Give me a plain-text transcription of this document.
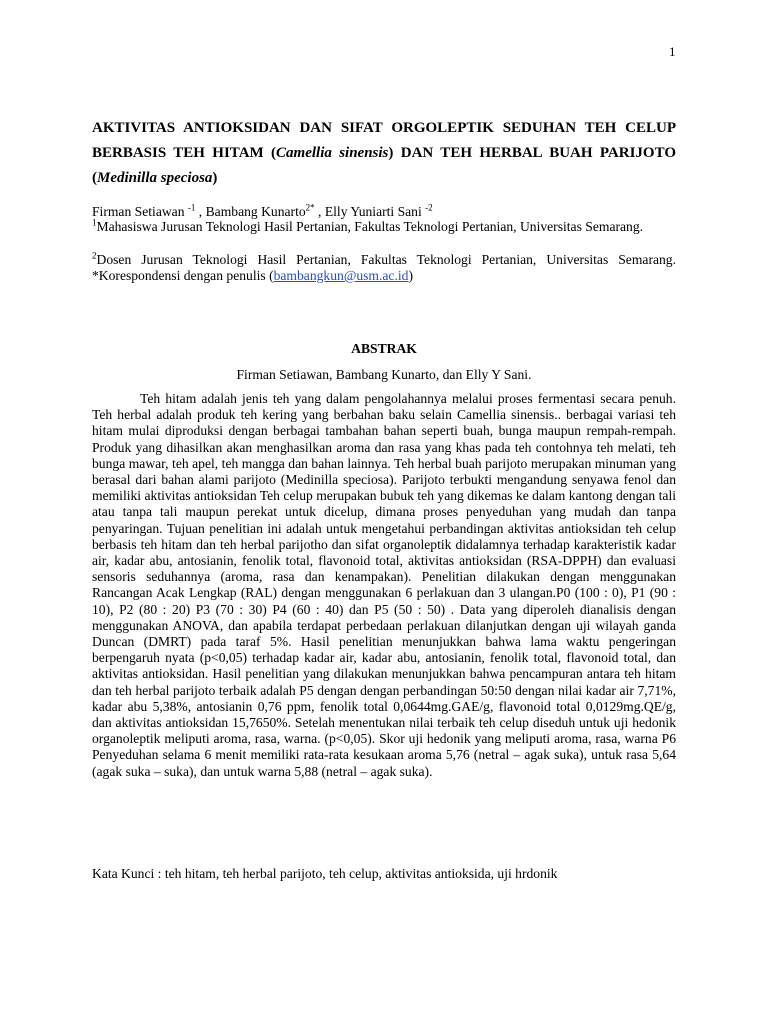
1
AKTIVITAS ANTIOKSIDAN DAN SIFAT ORGOLEPTIK SEDUHAN TEH CELUP
BERBASIS TEH HITAM (Camellia sinensis) DAN TEH HERBAL BUAH PARIJOTO
(Medinilla speciosa)
Firman Setiawan $^{-1}$ , Bambang Kunarto$^{2*}$ , Elly Yuniarti Sani $^{-2}$
$^1$Mahasiswa Jurusan Teknologi Hasil Pertanian, Fakultas Teknologi Pertanian, Universitas Semarang.
$^2$Dosen Jurusan Teknologi Hasil Pertanian, Fakultas Teknologi Pertanian, Universitas Semarang. *Korespondensi dengan penulis (bambangkun@usm.ac.id)
ABSTRAK
Firman Setiawan, Bambang Kunarto, dan Elly Y Sani.

Teh hitam adalah jenis teh yang dalam pengolahannya melalui proses fermentasi secara penuh. Teh herbal adalah produk teh kering yang berbahan baku selain Camellia sinensis.. berbagai variasi teh hitam mulai diproduksi dengan berbagai tambahan bahan seperti buah, bunga maupun rempah-rempah. Produk yang dihasilkan akan menghasilkan aroma dan rasa yang khas pada teh contohnya teh melati, teh bunga mawar, teh apel, teh mangga dan bahan lainnya. Teh herbal buah parijoto merupakan minuman yang berasal dari bahan alami parijoto (Medinilla speciosa). Parijoto terbukti mengandung senyawa fenol dan memiliki aktivitas antioksidan Teh celup merupakan bubuk teh yang dikemas ke dalam kantong dengan tali atau tanpa tali maupun perekat untuk dicelup, dimana proses penyeduhan yang mudah dan tanpa penyaringan. Tujuan penelitian ini adalah untuk mengetahui perbandingan aktivitas antioksidan teh celup berbasis teh hitam dan teh herbal parijotho dan sifat organoleptik didalamnya terhadap karakteristik kadar air, kadar abu, antosianin, fenolik total, flavonoid total, aktivitas antioksidan (RSA-DPPH) dan evaluasi sensoris seduhannya (aroma, rasa dan kenampakan). Penelitian dilakukan dengan menggunakan Rancangan Acak Lengkap (RAL) dengan menggunakan 6 perlakuan dan 3 ulangan.P0 (100 : 0), P1 (90 : 10), P2 (80 : 20) P3 (70 : 30) P4 (60 : 40) dan P5 (50 : 50) . Data yang diperoleh dianalisis dengan menggunakan ANOVA, dan apabila terdapat perbedaan perlakuan dilanjutkan dengan uji wilayah ganda Duncan (DMRT) pada taraf 5%. Hasil penelitian menunjukkan bahwa lama waktu pengeringan berpengaruh nyata (p<0,05) terhadap kadar air, kadar abu, antosianin, fenolik total, flavonoid total, dan aktivitas antioksidan. Hasil penelitian yang dilakukan menunjukkan bahwa pencampuran antara teh hitam dan teh herbal parijoto terbaik adalah P5 dengan dengan perbandingan 50:50 dengan nilai kadar air 7,71%, kadar abu 5,38%, antosianin 0,76 ppm, fenolik total 0,0644mg.GAE/g, flavonoid total 0,0129mg.QE/g, dan aktivitas antioksidan 15,7650%. Setelah menentukan nilai terbaik teh celup diseduh untuk uji hedonik organoleptik meliputi aroma, rasa, warna. (p<0,05). Skor uji hedonik yang meliputi aroma, rasa, warna P6 Penyeduhan selama 6 menit memiliki rata-rata kesukaan aroma 5,76 (netral – agak suka), untuk rasa 5,64 (agak suka – suka), dan untuk warna 5,88 (netral – agak suka).

Kata Kunci : teh hitam, teh herbal parijoto, teh celup, aktivitas antioksida, uji hrdonik
